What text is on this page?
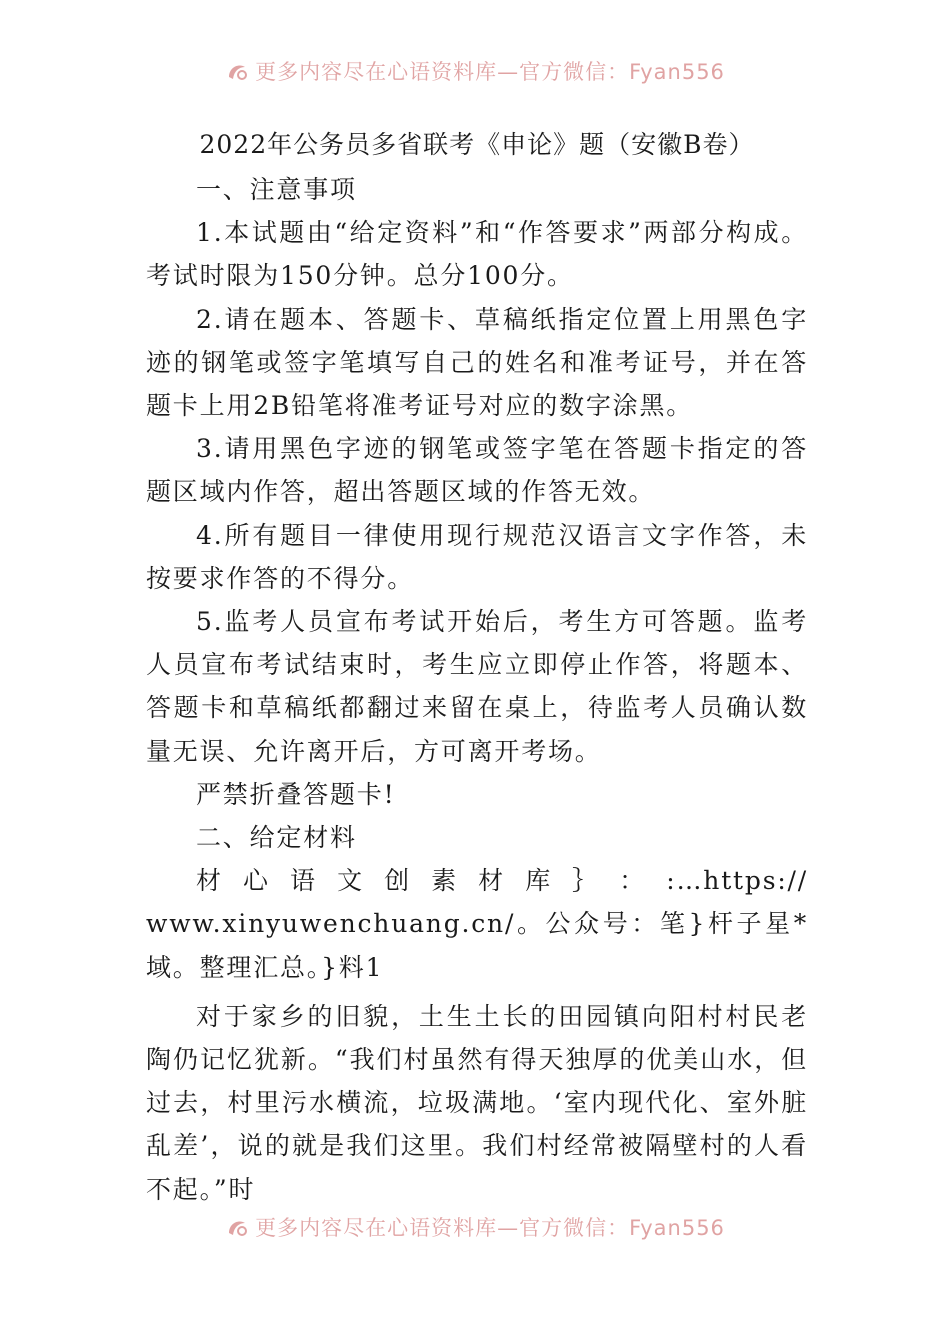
更多内容尽在心语资料库—官方微信：Fyan556

2022年公务员多省联考《申论》题（安徽B卷）

一、注意事项

1.本试题由“给定资料”和“作答要求”两部分构成。考试时限为150分钟。总分100分。

2.请在题本、答题卡、草稿纸指定位置上用黑色字迹的钢笔或签字笔填写自己的姓名和准考证号，并在答题卡上用2B铅笔将准考证号对应的数字涂黑。

3.请用黑色字迹的钢笔或签字笔在答题卡指定的答题区域内作答，超出答题区域的作答无效。

4.所有题目一律使用现行规范汉语言文字作答，未按要求作答的不得分。

5.监考人员宣布考试开始后，考生方可答题。监考人员宣布考试结束时，考生应立即停止作答，将题本、答题卡和草稿纸都翻过来留在桌上，待监考人员确认数量无误、允许离开后，方可离开考场。

严禁折叠答题卡!

二、给定材料

材 心 语 文 创 素 材 库 ｝ ： :…https://

www.xinyuwenchuang.cn/。公众号：笔}杆子星*域。整理汇总。}料1

对于家乡的旧貌，土生土长的田园镇向阳村村民老陶仍记忆犹新。“我们村虽然有得天独厚的优美山水，但过去，村里污水横流，垃圾满地。‘室内现代化、室外脏乱差’，说的就是我们这里。我们村经常被隔壁村的人看不起。”时

更多内容尽在心语资料库—官方微信：Fyan556
